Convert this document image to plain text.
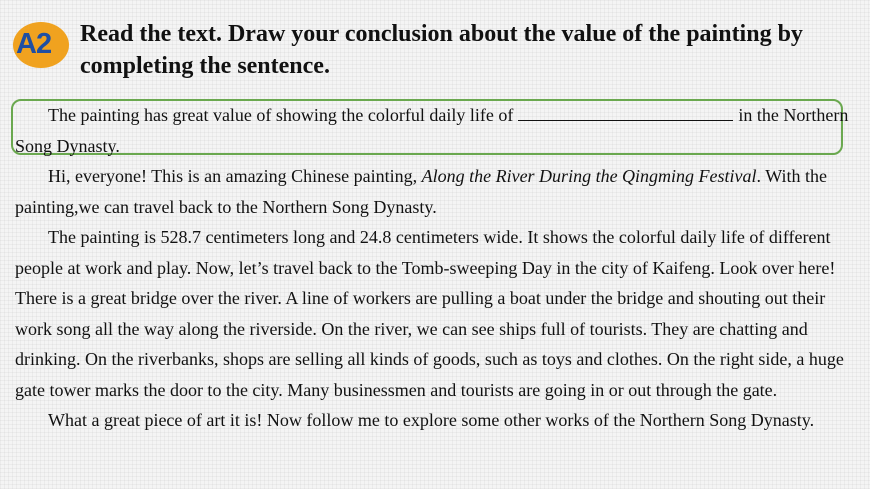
A2 Read the text. Draw your conclusion about the value of the painting by completing the sentence.

The painting has great value of showing the colorful daily life of	in the Northern Song Dynasty.

Hi, everyone! This is an amazing Chinese painting, Along the River During the Qingming Festival. With the painting,we can travel back to the Northern Song Dynasty.

The painting is 528.7 centimeters long and 24.8 centimeters wide. It shows the colorful daily life of different people at work and play. Now, let’s travel back to the Tomb-sweeping Day in the city of Kaifeng. Look over here! There is a great bridge over the river. A line of workers are pulling a boat under the bridge and shouting out their work song all the way along the riverside. On the river, we can see ships full of tourists. They are chatting and drinking. On the riverbanks, shops are selling all kinds of goods, such as toys and clothes. On the right side, a huge gate tower marks the door to the city. Many businessmen and tourists are going in or out through the gate.

What a great piece of art it is! Now follow me to explore some other works of the Northern Song Dynasty.
